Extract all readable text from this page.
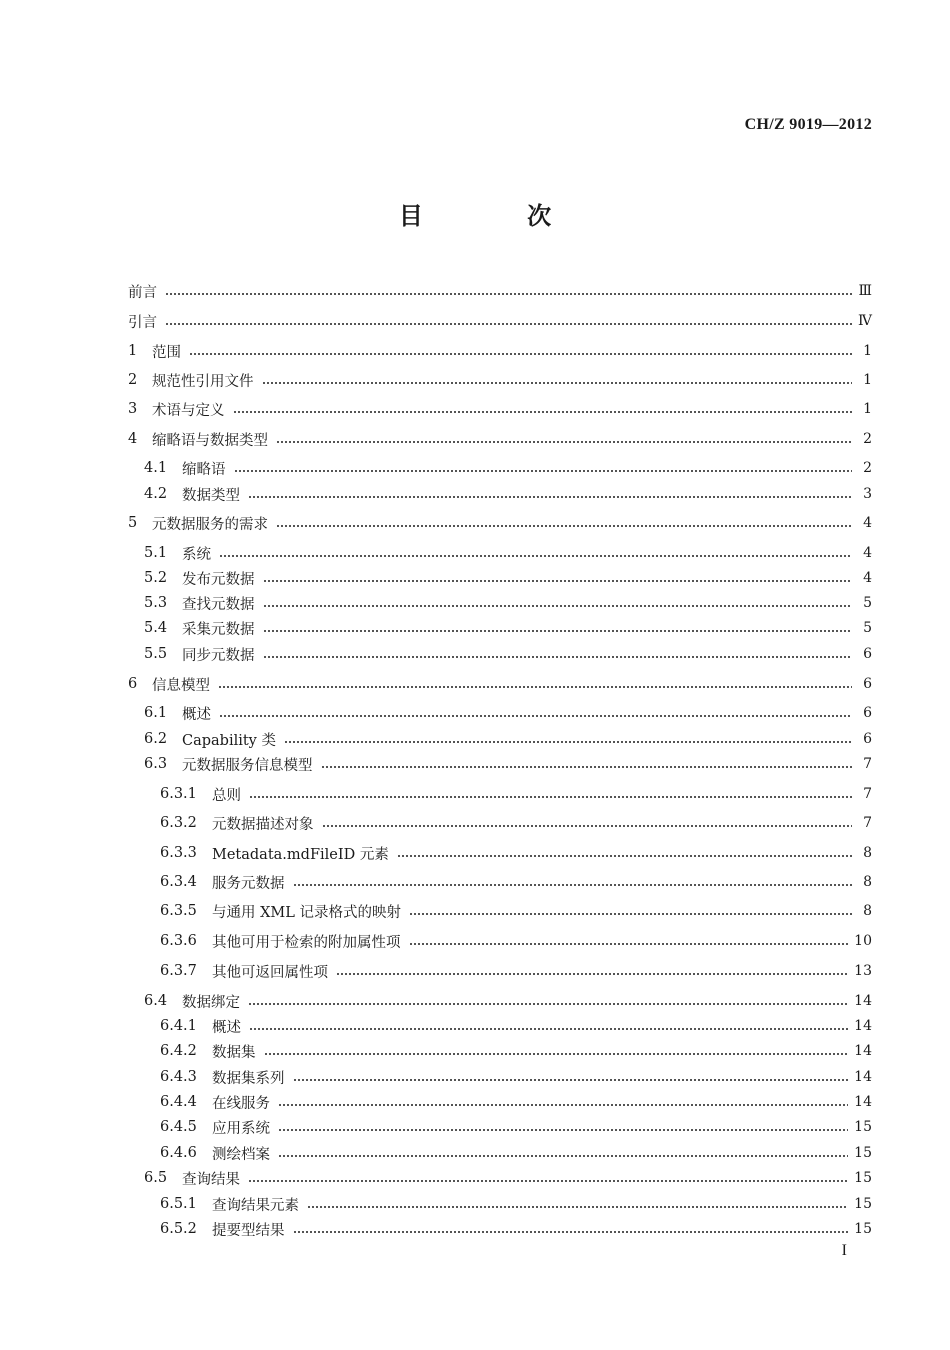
CH/Z 9019—2012
目 次
前言	Ⅲ
引言	Ⅳ
1	范围	1
2	规范性引用文件	1
3	术语与定义	1
4	缩略语与数据类型	2
4.1	缩略语	2
4.2	数据类型	3
5	元数据服务的需求	4
5.1	系统	4
5.2	发布元数据	4
5.3	查找元数据	5
5.4	采集元数据	5
5.5	同步元数据	6
6	信息模型	6
6.1	概述	6
6.2	Capability 类	6
6.3	元数据服务信息模型	7
6.3.1	总则	7
6.3.2	元数据描述对象	7
6.3.3	Metadata.mdFileID 元素	8
6.3.4	服务元数据	8
6.3.5	与通用 XML 记录格式的映射	8
6.3.6	其他可用于检索的附加属性项	10
6.3.7	其他可返回属性项	13
6.4	数据绑定	14
6.4.1	概述	14
6.4.2	数据集	14
6.4.3	数据集系列	14
6.4.4	在线服务	14
6.4.5	应用系统	15
6.4.6	测绘档案	15
6.5	查询结果	15
6.5.1	查询结果元素	15
6.5.2	提要型结果	15
I
